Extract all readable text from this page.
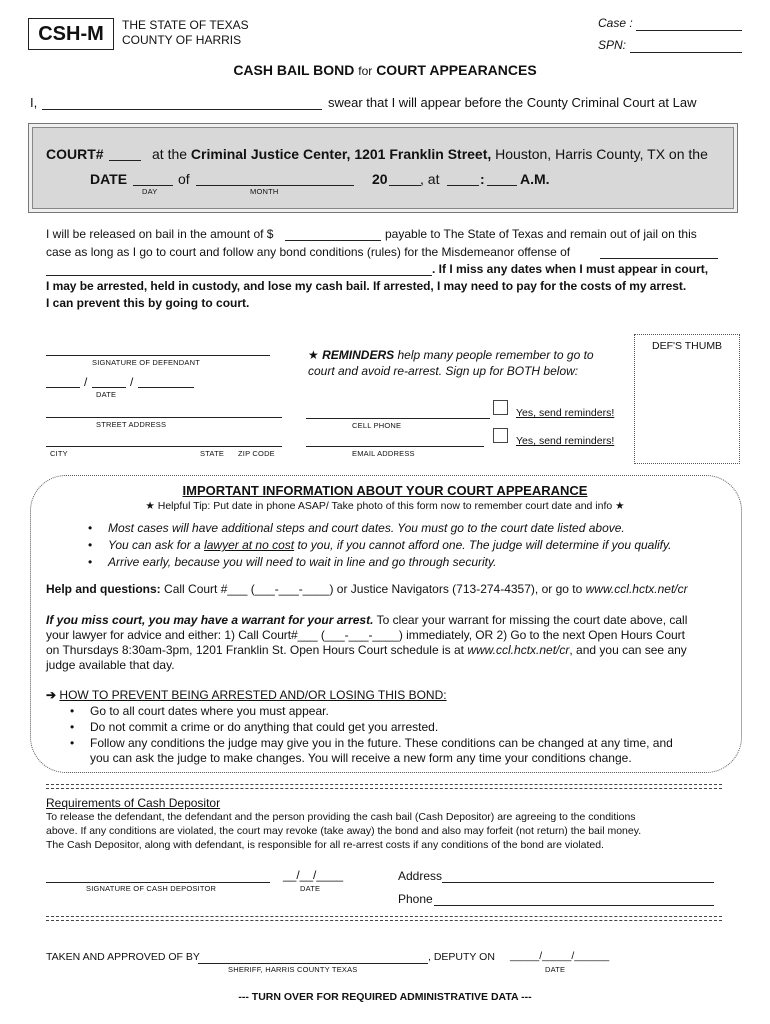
CSH-M	THE STATE OF TEXAS
COUNTY OF HARRIS
Case :
SPN:
CASH BAIL BOND for COURT APPEARANCES
I,	swear that I will appear before the County Criminal Court at Law
COURT#	at the Criminal Justice Center, 1201 Franklin Street, Houston, Harris County, TX on the
DATE
DAY
of
MONTH
20 , at	:	A.M.
I will be released on bail in the amount of $	payable to The State of Texas and remain out of jail on this
case as long as I go to court and follow any bond conditions (rules) for the Misdemeanor offense of
. If I miss any dates when I must appear in court,
I may be arrested, held in custody, and lose my cash bail. If arrested, I may need to pay for the costs of my arrest.
I can prevent this by going to court.
SIGNATURE OF DEFENDANT
/	/
DATE
STREET ADDRESS
CITY	STATE ZIP CODE
★ REMINDERS help many people remember to go to
court and avoid re-arrest. Sign up for BOTH below:
CELL PHONE
Yes, send reminders!
EMAIL ADDRESS
Yes, send reminders!
DEF'S THUMB
IMPORTANT INFORMATION ABOUT YOUR COURT APPEARANCE
★ Helpful Tip: Put date in phone ASAP/ Take photo of this form now to remember court date and info ★
• Most cases will have additional steps and court dates. You must go to the court date listed above.
• You can ask for a lawyer at no cost to you, if you cannot afford one. The judge will determine if you qualify.
• Arrive early, because you will need to wait in line and go through security.
Help and questions: Call Court #___ (___-___-____) or Justice Navigators (713-274-4357), or go to www.ccl.hctx.net/cr
If you miss court, you may have a warrant for your arrest. To clear your warrant for missing the court date above, call
your lawyer for advice and either: 1) Call Court#___ (___-___-____) immediately, OR 2) Go to the next Open Hours Court
on Thursdays 8:30am-3pm, 1201 Franklin St. Open Hours Court schedule is at www.ccl.hctx.net/cr, and you can see any
judge available that day.
➔ HOW TO PREVENT BEING ARRESTED AND/OR LOSING THIS BOND:
• Go to all court dates where you must appear.
• Do not commit a crime or do anything that could get you arrested.
• Follow any conditions the judge may give you in the future. These conditions can be changed at any time, and
you can ask the judge to make changes. You will receive a new form any time your conditions change.
Requirements of Cash Depositor
To release the defendant, the defendant and the person providing the cash bail (Cash Depositor) are agreeing to the conditions
above. If any conditions are violated, the court may revoke (take away) the bond and also may forfeit (not return) the bail money.
The Cash Depositor, along with defendant, is responsible for all re-arrest costs if any conditions of the bond are violated.
SIGNATURE OF CASH DEPOSITOR
__/__/____
DATE
Address
Phone
TAKEN AND APPROVED OF BY
SHERIFF, HARRIS COUNTY TEXAS
, DEPUTY ON _____/_____/______
DATE
--- TURN OVER FOR REQUIRED ADMINISTRATIVE DATA ---
